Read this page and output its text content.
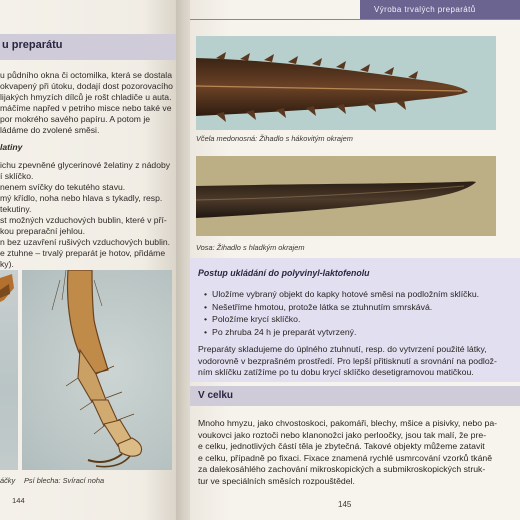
u preparátu
u půdního okna či octomilka, která se dostala
okvapený při útoku, dodají dost pozorovacího
lijakých hmyzích dílců je rošt chladiče u auta.
máčíme napřed v petriho misce nebo také ve
por mokrého savého papíru. A potom je
ládáme do zvolené směsi.
latiny
ichu zpevněné glycerinové želatiny z nádoby
í sklíčko.
nenem svíčky do tekutého stavu.
mý křídlo, noha nebo hlava s tykadly, resp.
tekutiny.
st možných vzduchových bublin, které v pří-
kou preparační jehlou.
n bez uzavření rušivých vzduchových bublin.
e ztuhne – trvalý preparát je hotov, přidáme
ky).
áčky Psí blecha: Svírací noha
144
Výroba trvalých preparátů
Včela medonosná: Žihadlo s hákovitým okrajem
Vosa: Žihadlo s hladkým okrajem
Postup ukládání do polyvinyl-laktofenolu
• Uložíme vybraný objekt do kapky hotové směsi na podložním sklíčku.
• Nešetříme hmotou, protože látka se ztuhnutím smrskává.
• Položíme krycí sklíčko.
• Po zhruba 24 h je preparát vytvrzený.
Preparáty skladujeme do úplného ztuhnutí, resp. do vytvrzení použité látky,
vodorovně v bezprašném prostředí. Pro lepší přitisknutí a srovnání na podlož-
ním sklíčku zatížíme po tu dobu krycí sklíčko desetigramovou matičkou.
V celku
Mnoho hmyzu, jako chvostoskoci, pakomáři, blechy, mšice a pisivky, nebo pa-
voukovci jako roztoči nebo klanonožci jako perloočky, jsou tak malí, že pre-
e celku, jednotlivých částí těla je zbytečná. Takové objekty můžeme zatavit
e celku, případně po fixaci. Fixace znamená rychlé usmrcování vzorků tkáně
za dalekosáhlého zachování mikroskopických a submikroskopických struk-
tur ve speciálních směsích rozpouštědel.
145
